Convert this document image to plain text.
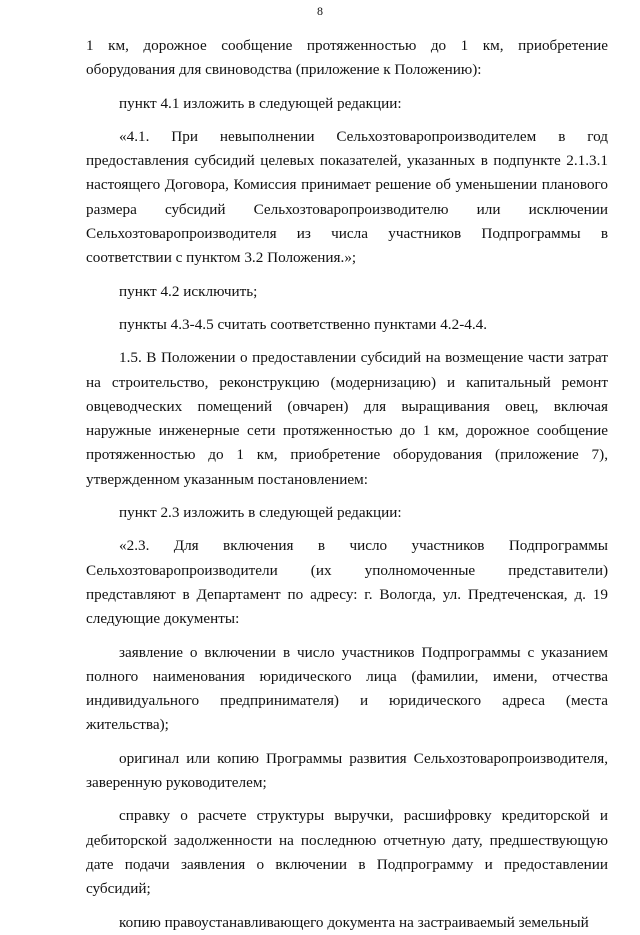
8

1 км, дорожное сообщение протяженностью до 1 км, приобретение оборудования для свиноводства (приложение к Положению):

пункт 4.1 изложить в следующей редакции:

«4.1. При невыполнении Сельхозтоваропроизводителем в год предоставления субсидий целевых показателей, указанных в подпункте 2.1.3.1 настоящего Договора, Комиссия принимает решение об уменьшении планового размера субсидий Сельхозтоваропроизводителю или исключении Сельхозтоваропроизводителя из числа участников Подпрограммы в соответствии с пунктом 3.2 Положения.»;

пункт 4.2 исключить;

пункты 4.3-4.5 считать соответственно пунктами 4.2-4.4.

1.5. В Положении о предоставлении субсидий на возмещение части затрат на строительство, реконструкцию (модернизацию) и капитальный ремонт овцеводческих помещений (овчарен) для выращивания овец, включая наружные инженерные сети протяженностью до 1 км, дорожное сообщение протяженностью до 1 км, приобретение оборудования (приложение 7), утвержденном указанным постановлением:

пункт 2.3 изложить в следующей редакции:

«2.3. Для включения в число участников Подпрограммы Сельхозтоваропроизводители (их уполномоченные представители) представляют в Департамент по адресу: г. Вологда, ул. Предтеченская, д. 19 следующие документы:

заявление о включении в число участников Подпрограммы с указанием полного наименования юридического лица (фамилии, имени, отчества индивидуального предпринимателя) и юридического адреса (места жительства);

оригинал или копию Программы развития Сельхозтоваропроизводителя, заверенную руководителем;

справку о расчете структуры выручки, расшифровку кредиторской и дебиторской задолженности на последнюю отчетную дату, предшествующую дате подачи заявления о включении в Подпрограмму и предоставлении субсидий;

копию правоустанавливающего документа на застраиваемый земельный
